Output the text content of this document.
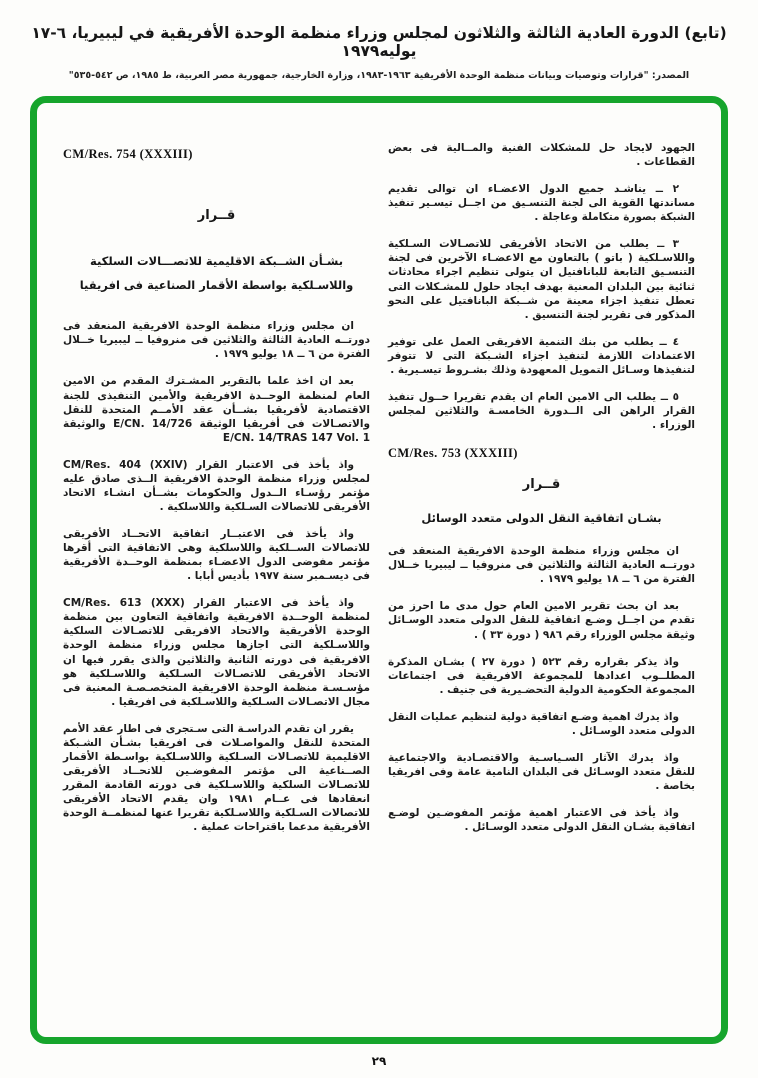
(تابع) الدورة العادية الثالثة والثلاثون لمجلس وزراء منظمة الوحدة الأفريقية في ليبيريا، ٦-١٧ يوليه١٩٧٩
المصدر: "قرارات وتوصيات وبيانات منظمة الوحدة الأفريقية ١٩٦٣-١٩٨٣، وزارة الخارجية، جمهورية مصر العربية، ط ١٩٨٥، ص ٥٤٢-٥٣٥"

الجهود لايجاد حل للمشكلات الفنية والمــالية فى بعض القطاعات .

٢ ــ يناشـد جميع الدول الاعضـاء ان توالى تقديم مساندتها القوية الى لجنة التنسـيق من اجــل تيسـير تنفيذ الشبكة بصورة متكاملة وعاجلة .

٣ ــ يطلب من الاتحاد الأفريقى للاتصـالات السـلكية واللاسـلكية ( باتو ) بالتعاون مع الاعضـاء الآخرين فى لجنة التنسـيق التابعة للبانافتيل ان يتولى تنظيم اجراء محادثات ثنائية بين البلدان المعنية بهدف ايجاد حلول للمشـكلات التى تعطل تنفيذ اجزاء معينة من شــبكة البانافتيل على النحو المذكور فى تقرير لجنة التنسيق .

٤ ــ يطلب من بنك التنمية الافريقى العمل على توفير الاعتمادات اللازمة لتنفيذ اجزاء الشـبكة التى لا تتوفر لتنفيذها وسـائل التمويل المعهودة وذلك بشـروط تيسـيرية .

٥ ــ يطلب الى الامين العام ان يقدم تقريرا حــول تنفيذ القرار الراهن الى الــدورة الخامسـة والثلاثين لمجلس الوزراء .

CM/Res. 753 (XXXIII)
قــرار
بشـان اتفاقية النقل الدولى متعدد الوسائل

ان مجلس وزراء منظمة الوحدة الافريقية المنعقد فى دورتــه العادية الثالثة والثلاثين فى منروفيا ــ ليبيريا خــلال الفترة من ٦ ــ ١٨ يوليو ١٩٧٩ .

بعد ان بحث تقرير الامين العام حول مدى ما احرز من تقدم من اجــل وضـع اتفاقية للنقل الدولى متعدد الوسـائل وثيقة مجلس الوزراء رقم ٩٨٦ ( دورة ٣٣ ) .

واذ يذكر بقراره رقم ٥٢٣ ( دورة ٢٧ ) بشـان المذكرة المطلــوب اعدادها للمجموعة الافريقية فى اجتماعات المجموعة الحكومية الدولية التحضـيرية فى جنيف .

واذ يدرك اهمية وضـع اتفاقية دولية لتنظيم عمليات النقل الدولى متعدد الوسـائل .

واذ يدرك الآثار السـياسـية والاقتصـادية والاجتماعية للنقل متعدد الوسـائل فى البلدان النامية عامة وفى افريقيا بخاصة .

واذ يأخذ فى الاعتبار اهمية مؤتمر المفوضـين لوضـع اتفاقية بشـان النقل الدولى متعدد الوسـائل .

CM/Res. 754 (XXXIII)
قــرار
بشـأن الشــبكة الاقليمية للاتصـــالات السلكية واللاسـلكية بواسطة الأقمار الصناعية فى افريقيا

ان مجلس وزراء منظمة الوحدة الافريقية المنعقد فى دورتــه العادية الثالثة والثلاثين فى منروفيا ــ ليبيريا خــلال الفترة من ٦ ــ ١٨ يوليو ١٩٧٩ .

بعد ان اخذ علما بالتقرير المشـترك المقدم من الامين العام لمنظمة الوحــدة الافريقية والأمين التنفيذى للجنة الاقتصادية لأفريقيا بشــأن عقد الأمــم المتحدة للنقل والاتصـالات فى أفريقيا الوثيقة E/CN. 14/726 والوثيقة E/CN. 14/TRAS 147 Vol. 1

واذ يأخذ فى الاعتبار القرار CM/Res. 404 (XXIV) لمجلس وزراء منظمة الوحدة الافريقية الــذى صادق عليه مؤتمر رؤسـاء الــدول والحكومات بشــأن انشـاء الاتحاد الأفريقى للاتصالات السـلكية واللاسلكية .

واذ يأخذ فى الاعتبــار اتفاقية الاتحــاد الأفريقى للاتصالات الســلكية واللاسلكية وهى الاتفاقية التى أقرها مؤتمر مفوضى الدول الاعضـاء بمنظمة الوحــدة الأفريقية فى ديسـمبر سنة ١٩٧٧ بأديس أبابا .

واذ يأخذ فى الاعتبار القرار CM/Res. 613 (XXX) لمنظمة الوحــدة الافريقية واتفاقية التعاون بين منظمة الوحدة الأفريقية والاتحاد الافريقى للاتصـالات السلكية واللاسـلكية التى اجازها مجلس وزراء منظمة الوحدة الافريقية فى دورته الثانية والثلاثين والذى يقرر فيها ان الاتحاد الأفريقى للاتصـالات السـلكية واللاسـلكية هو مؤسـسـة منظمة الوحدة الافريقية المتخصـصـة المعنية فى مجال الاتصـالات السـلكية واللاسـلكية فى افريقيا .

يقرر ان تقدم الدراسـة التى سـتجرى فى اطار عقد الأمم المتحدة للنقل والمواصـلات فى افريقيا بشـأن الشـبكة الاقليمية للاتصـالات السـلكية واللاسـلكية بواسـطة الأقمار الصــناعية الى مؤتمر المفوضـين للاتحــاد الأفريقى للاتصـالات السلكية واللاسـلكية فى دورته القادمة المقرر انعقادها فى عــام ١٩٨١ وان يقدم الاتحاد الأفريقى للاتصالات السـلكية واللاسـلكية تقريرا عنها لمنظمــة الوحدة الأفريقية مدعما باقتراحات عملية .

٢٩
